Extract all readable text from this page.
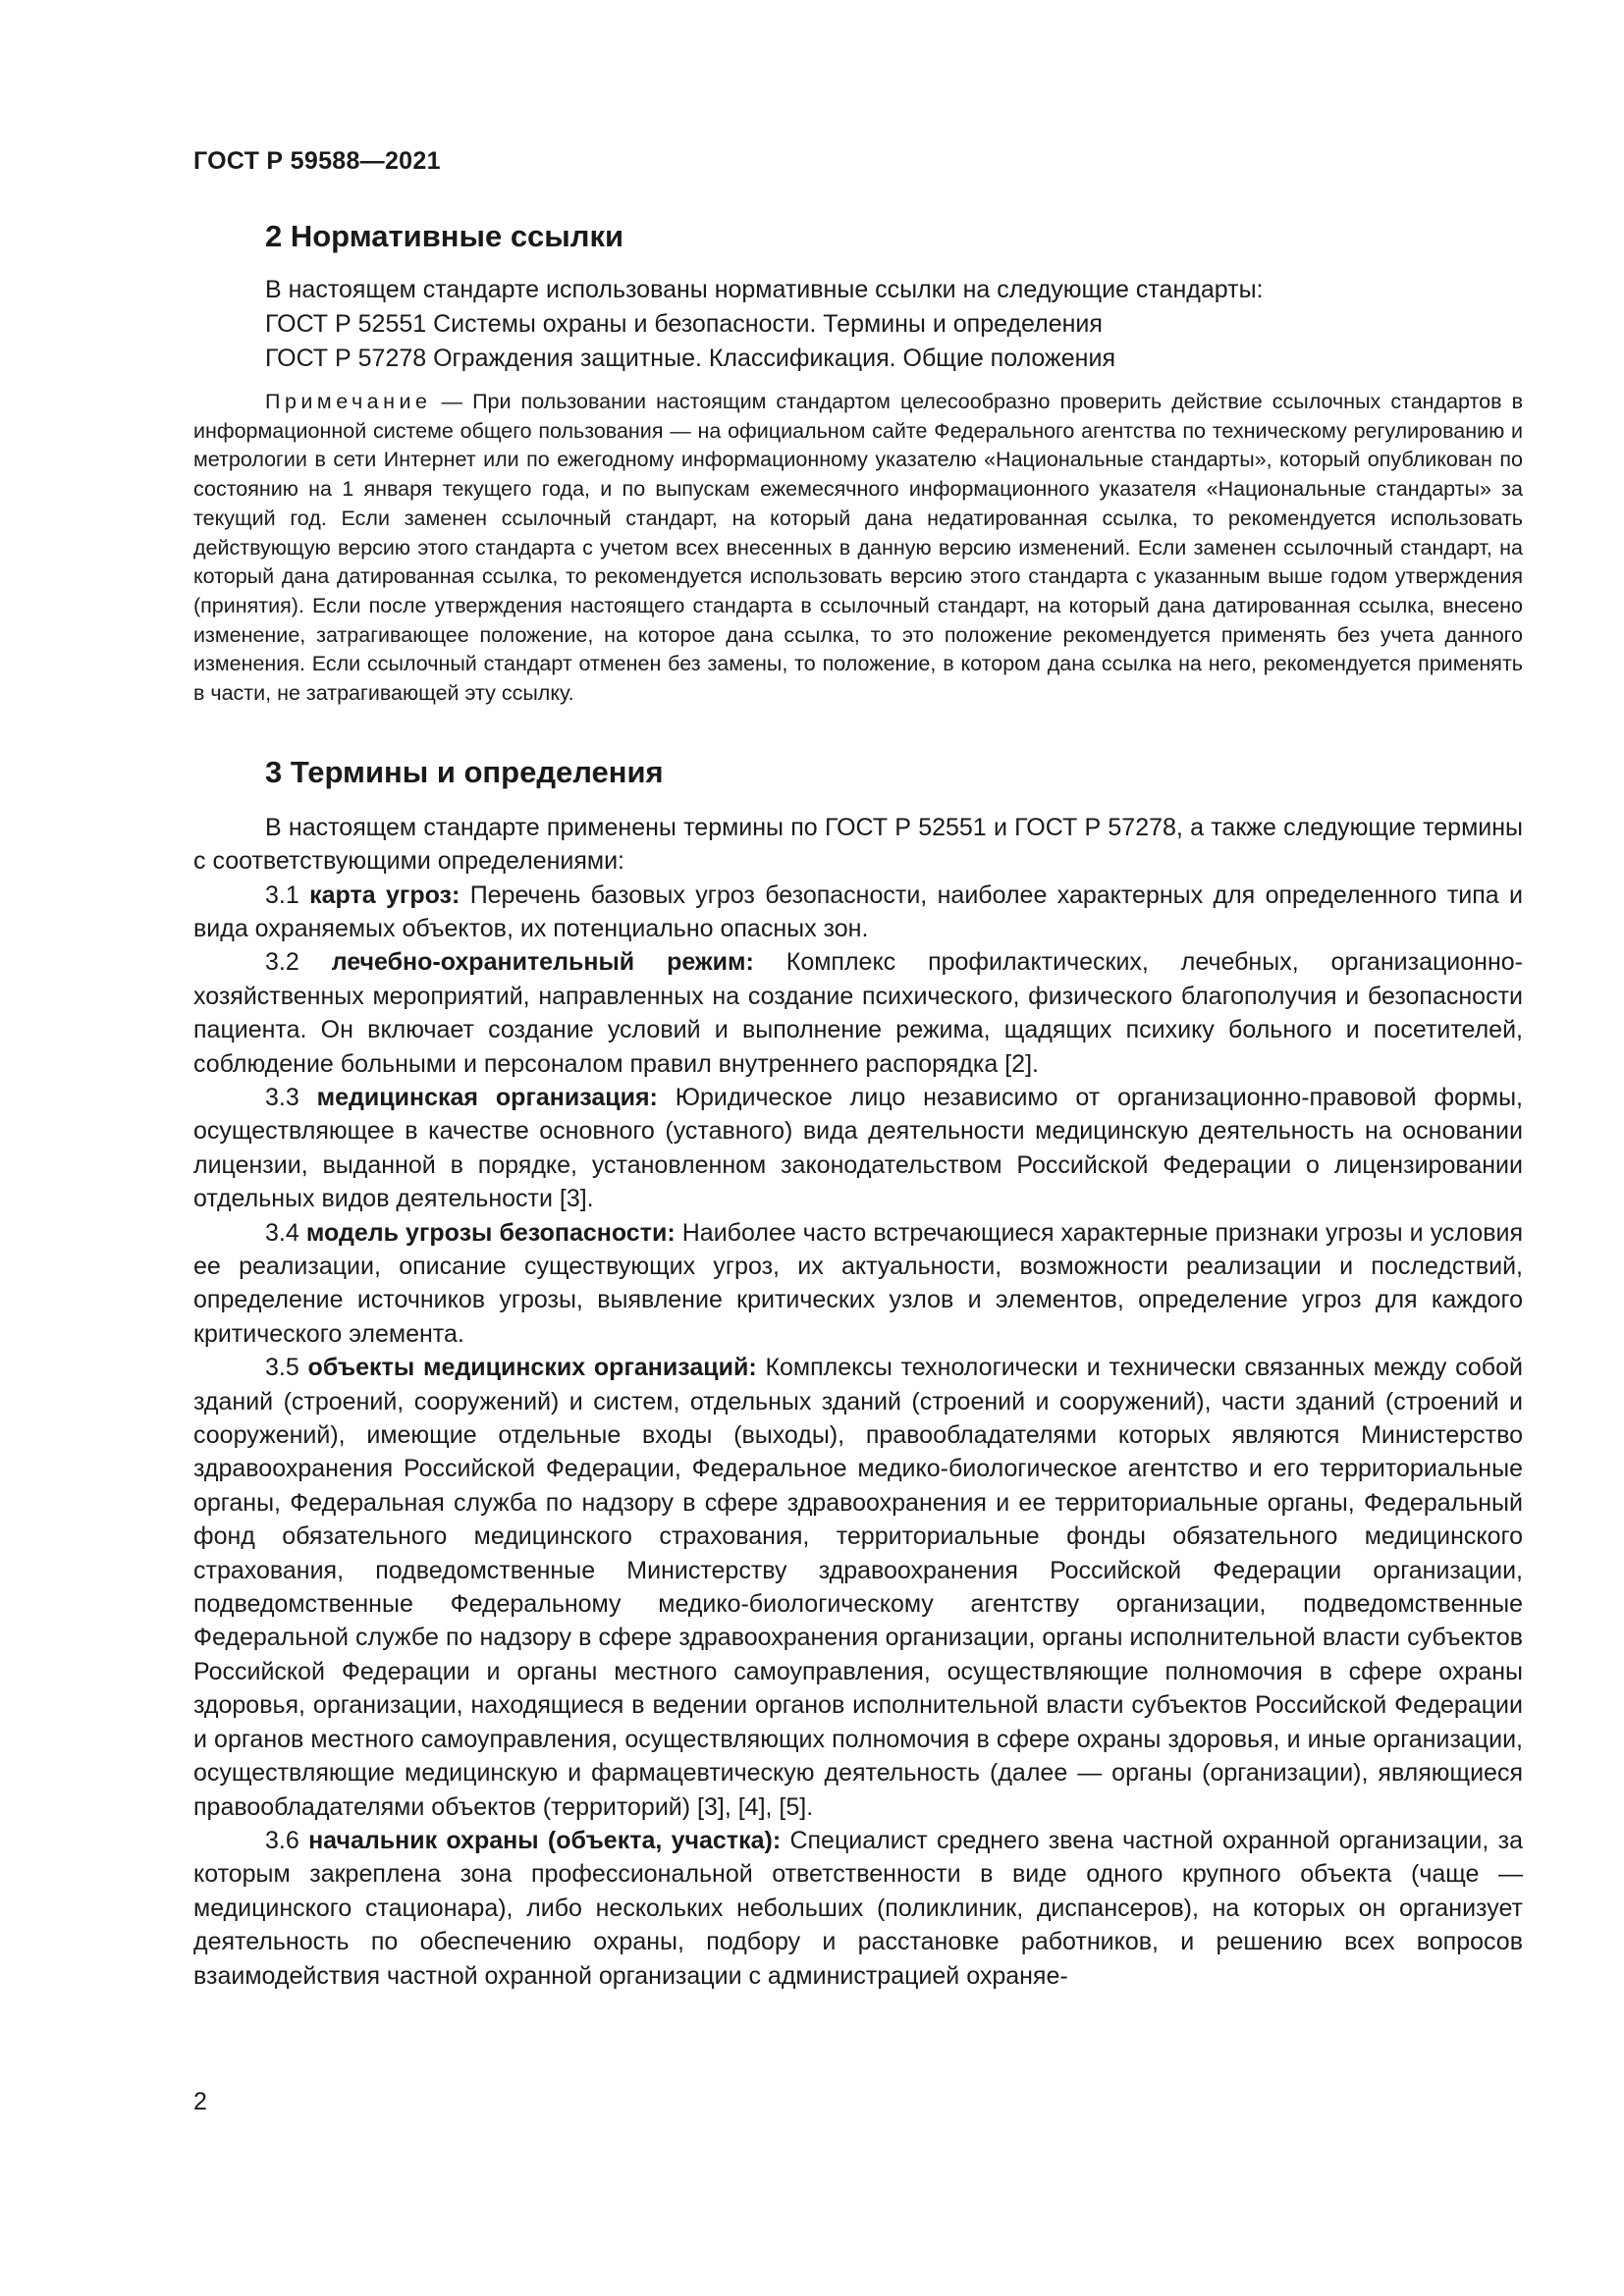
ГОСТ Р 59588—2021
2 Нормативные ссылки
В настоящем стандарте использованы нормативные ссылки на следующие стандарты:
ГОСТ Р 52551 Системы охраны и безопасности. Термины и определения
ГОСТ Р 57278 Ограждения защитные. Классификация. Общие положения

Примечание — При пользовании настоящим стандартом целесообразно проверить действие ссылочных стандартов в информационной системе общего пользования — на официальном сайте Федерального агентства по техническому регулированию и метрологии в сети Интернет или по ежегодному информационному указателю «Национальные стандарты», который опубликован по состоянию на 1 января текущего года, и по выпускам ежемесячного информационного указателя «Национальные стандарты» за текущий год. Если заменен ссылочный стандарт, на который дана недатированная ссылка, то рекомендуется использовать действующую версию этого стандарта с учетом всех внесенных в данную версию изменений. Если заменен ссылочный стандарт, на который дана датированная ссылка, то рекомендуется использовать версию этого стандарта с указанным выше годом утверждения (принятия). Если после утверждения настоящего стандарта в ссылочный стандарт, на который дана датированная ссылка, внесено изменение, затрагивающее положение, на которое дана ссылка, то это положение рекомендуется применять без учета данного изменения. Если ссылочный стандарт отменен без замены, то положение, в котором дана ссылка на него, рекомендуется применять в части, не затрагивающей эту ссылку.

3 Термины и определения

В настоящем стандарте применены термины по ГОСТ Р 52551 и ГОСТ Р 57278, а также следующие термины с соответствующими определениями:

3.1 карта угроз: Перечень базовых угроз безопасности, наиболее характерных для определенного типа и вида охраняемых объектов, их потенциально опасных зон.

3.2 лечебно-охранительный режим: Комплекс профилактических, лечебных, организационно-хозяйственных мероприятий, направленных на создание психического, физического благополучия и безопасности пациента. Он включает создание условий и выполнение режима, щадящих психику больного и посетителей, соблюдение больными и персоналом правил внутреннего распорядка [2].

3.3 медицинская организация: Юридическое лицо независимо от организационно-правовой формы, осуществляющее в качестве основного (уставного) вида деятельности медицинскую деятельность на основании лицензии, выданной в порядке, установленном законодательством Российской Федерации о лицензировании отдельных видов деятельности [3].

3.4 модель угрозы безопасности: Наиболее часто встречающиеся характерные признаки угрозы и условия ее реализации, описание существующих угроз, их актуальности, возможности реализации и последствий, определение источников угрозы, выявление критических узлов и элементов, определение угроз для каждого критического элемента.

3.5 объекты медицинских организаций: Комплексы технологически и технически связанных между собой зданий (строений, сооружений) и систем, отдельных зданий (строений и сооружений), части зданий (строений и сооружений), имеющие отдельные входы (выходы), правообладателями которых являются Министерство здравоохранения Российской Федерации, Федеральное медико-биологическое агентство и его территориальные органы, Федеральная служба по надзору в сфере здравоохранения и ее территориальные органы, Федеральный фонд обязательного медицинского страхования, территориальные фонды обязательного медицинского страхования, подведомственные Министерству здравоохранения Российской Федерации организации, подведомственные Федеральному медико-биологическому агентству организации, подведомственные Федеральной службе по надзору в сфере здравоохранения организации, органы исполнительной власти субъектов Российской Федерации и органы местного самоуправления, осуществляющие полномочия в сфере охраны здоровья, организации, находящиеся в ведении органов исполнительной власти субъектов Российской Федерации и органов местного самоуправления, осуществляющих полномочия в сфере охраны здоровья, и иные организации, осуществляющие медицинскую и фармацевтическую деятельность (далее — органы (организации), являющиеся правообладателями объектов (территорий) [3], [4], [5].

3.6 начальник охраны (объекта, участка): Специалист среднего звена частной охранной организации, за которым закреплена зона профессиональной ответственности в виде одного крупного объекта (чаще — медицинского стационара), либо нескольких небольших (поликлиник, диспансеров), на которых он организует деятельность по обеспечению охраны, подбору и расстановке работников, и решению всех вопросов взаимодействия частной охранной организации с администрацией охраняе-

2
